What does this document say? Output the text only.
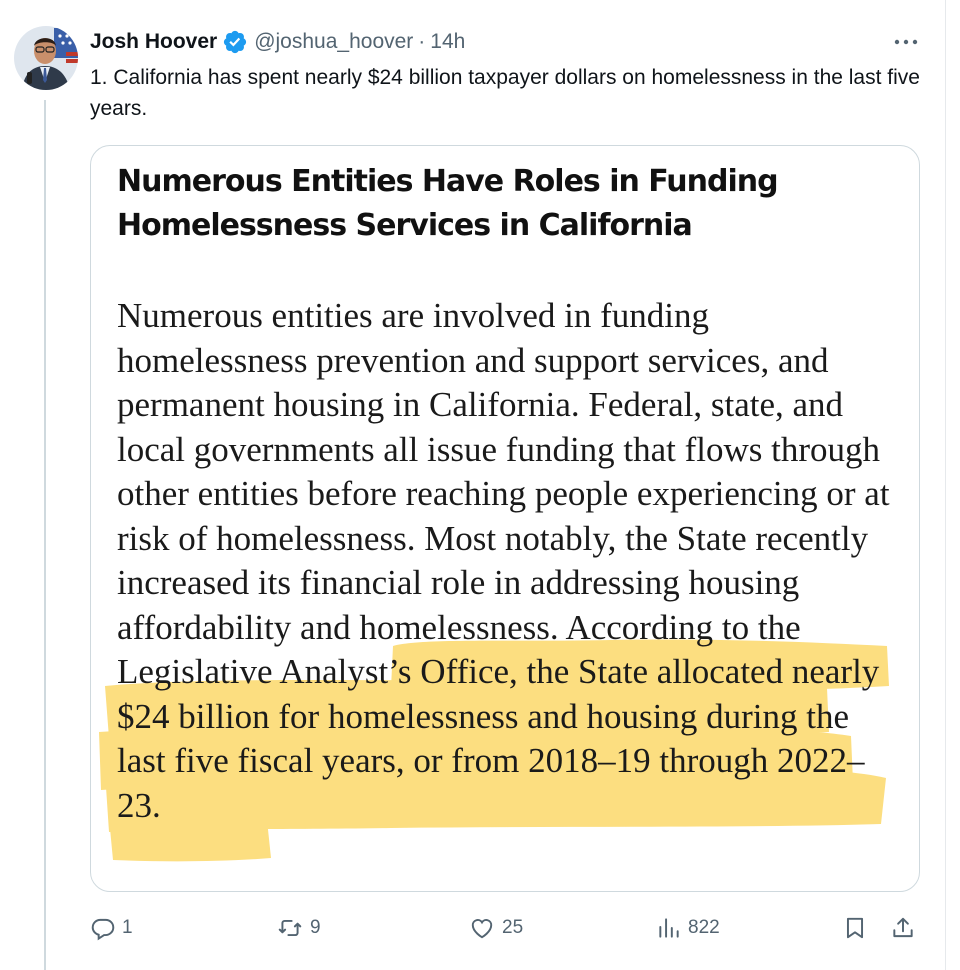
Josh Hoover @joshua_hoover · 14h
1. California has spent nearly $24 billion taxpayer dollars on homelessness in the last five years.
Numerous Entities Have Roles in Funding Homelessness Services in California
Numerous entities are involved in funding homelessness prevention and support services, and permanent housing in California. Federal, state, and local governments all issue funding that flows through other entities before reaching people experiencing or at risk of homelessness. Most notably, the State recently increased its financial role in addressing housing affordability and homelessness. According to the Legislative Analyst’s Office, the State allocated nearly $24 billion for homelessness and housing during the last five fiscal years, or from 2018–19 through 2022–23.
1	9	25	822
